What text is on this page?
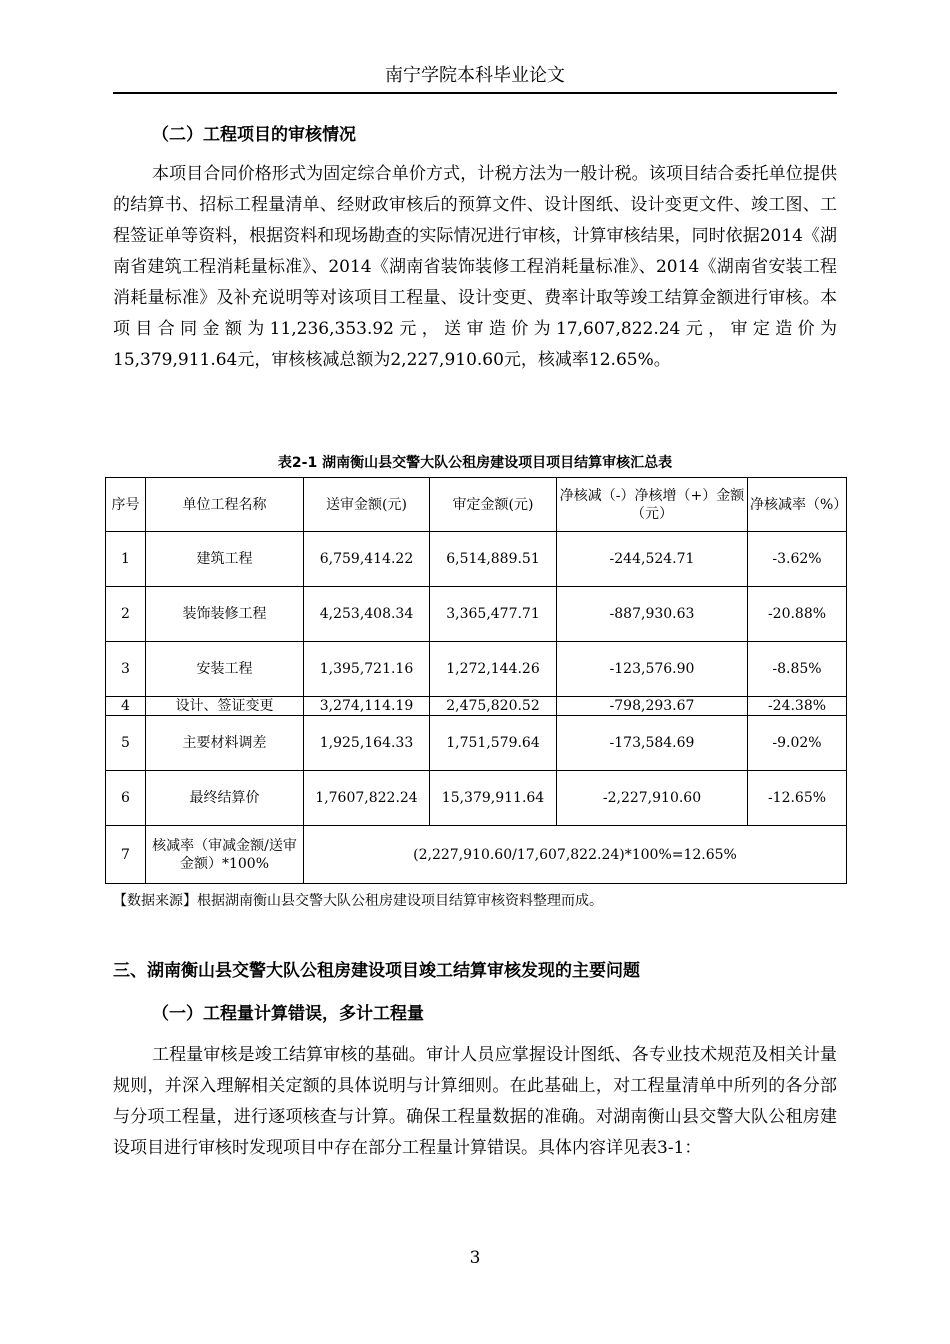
南宁学院本科毕业论文
（二）工程项目的审核情况
本项目合同价格形式为固定综合单价方式，计税方法为一般计税。该项目结合委托单位提供的结算书、招标工程量清单、经财政审核后的预算文件、设计图纸、设计变更文件、竣工图、工程签证单等资料，根据资料和现场勘查的实际情况进行审核，计算审核结果，同时依据2014《湖南省建筑工程消耗量标准》、2014《湖南省装饰装修工程消耗量标准》、2014《湖南省安装工程消耗量标准》及补充说明等对该项目工程量、设计变更、费率计取等竣工结算金额进行审核。本项目合同金额为11,236,353.92元，送审造价为17,607,822.24元，审定造价为15,379,911.64元，审核核减总额为2,227,910.60元，核减率12.65%。
表2-1 湖南衡山县交警大队公租房建设项目项目结算审核汇总表
序号	单位工程名称	送审金额(元)	审定金额(元)	净核减（-）净核增（+）金额（元）	净核减率（%）
1	建筑工程	6,759,414.22	6,514,889.51	-244,524.71	-3.62%
2	装饰装修工程	4,253,408.34	3,365,477.71	-887,930.63	-20.88%
3	安装工程	1,395,721.16	1,272,144.26	-123,576.90	-8.85%
4	设计、签证变更	3,274,114.19	2,475,820.52	-798,293.67	-24.38%
5	主要材料调差	1,925,164.33	1,751,579.64	-173,584.69	-9.02%
6	最终结算价	1,7607,822.24	15,379,911.64	-2,227,910.60	-12.65%
7	核减率（审减金额/送审金额）*100%	(2,227,910.60/17,607,822.24)*100%=12.65%			
【数据来源】根据湖南衡山县交警大队公租房建设项目结算审核资料整理而成。
三、湖南衡山县交警大队公租房建设项目竣工结算审核发现的主要问题
（一）工程量计算错误，多计工程量
工程量审核是竣工结算审核的基础。审计人员应掌握设计图纸、各专业技术规范及相关计量规则，并深入理解相关定额的具体说明与计算细则。在此基础上，对工程量清单中所列的各分部与分项工程量，进行逐项核查与计算。确保工程量数据的准确。对湖南衡山县交警大队公租房建设项目进行审核时发现项目中存在部分工程量计算错误。具体内容详见表3-1：
3
